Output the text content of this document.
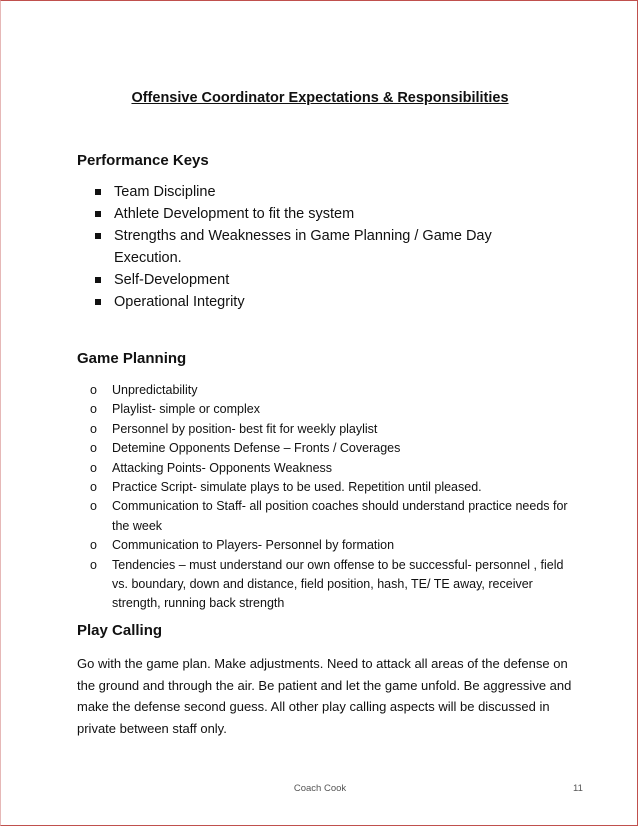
Offensive Coordinator Expectations & Responsibilities
Performance Keys
Team Discipline
Athlete Development to fit the system
Strengths and Weaknesses in Game Planning / Game Day Execution.
Self-Development
Operational Integrity
Game Planning
o Unpredictability
o Playlist- simple or complex
o Personnel by position- best fit for weekly playlist
o Detemine Opponents Defense – Fronts / Coverages
o Attacking Points- Opponents Weakness
o Practice Script- simulate plays to be used. Repetition until pleased.
o Communication to Staff- all position coaches should understand practice needs for the week
o Communication to Players- Personnel by formation
o Tendencies – must understand our own offense to be successful- personnel , field vs. boundary, down and distance, field position, hash, TE/ TE away, receiver strength, running back strength
Play Calling
Go with the game plan. Make adjustments. Need to attack all areas of the defense on the ground and through the air. Be patient and let the game unfold. Be aggressive and make the defense second guess. All other play calling aspects will be discussed in private between staff only.
Coach Cook	11
